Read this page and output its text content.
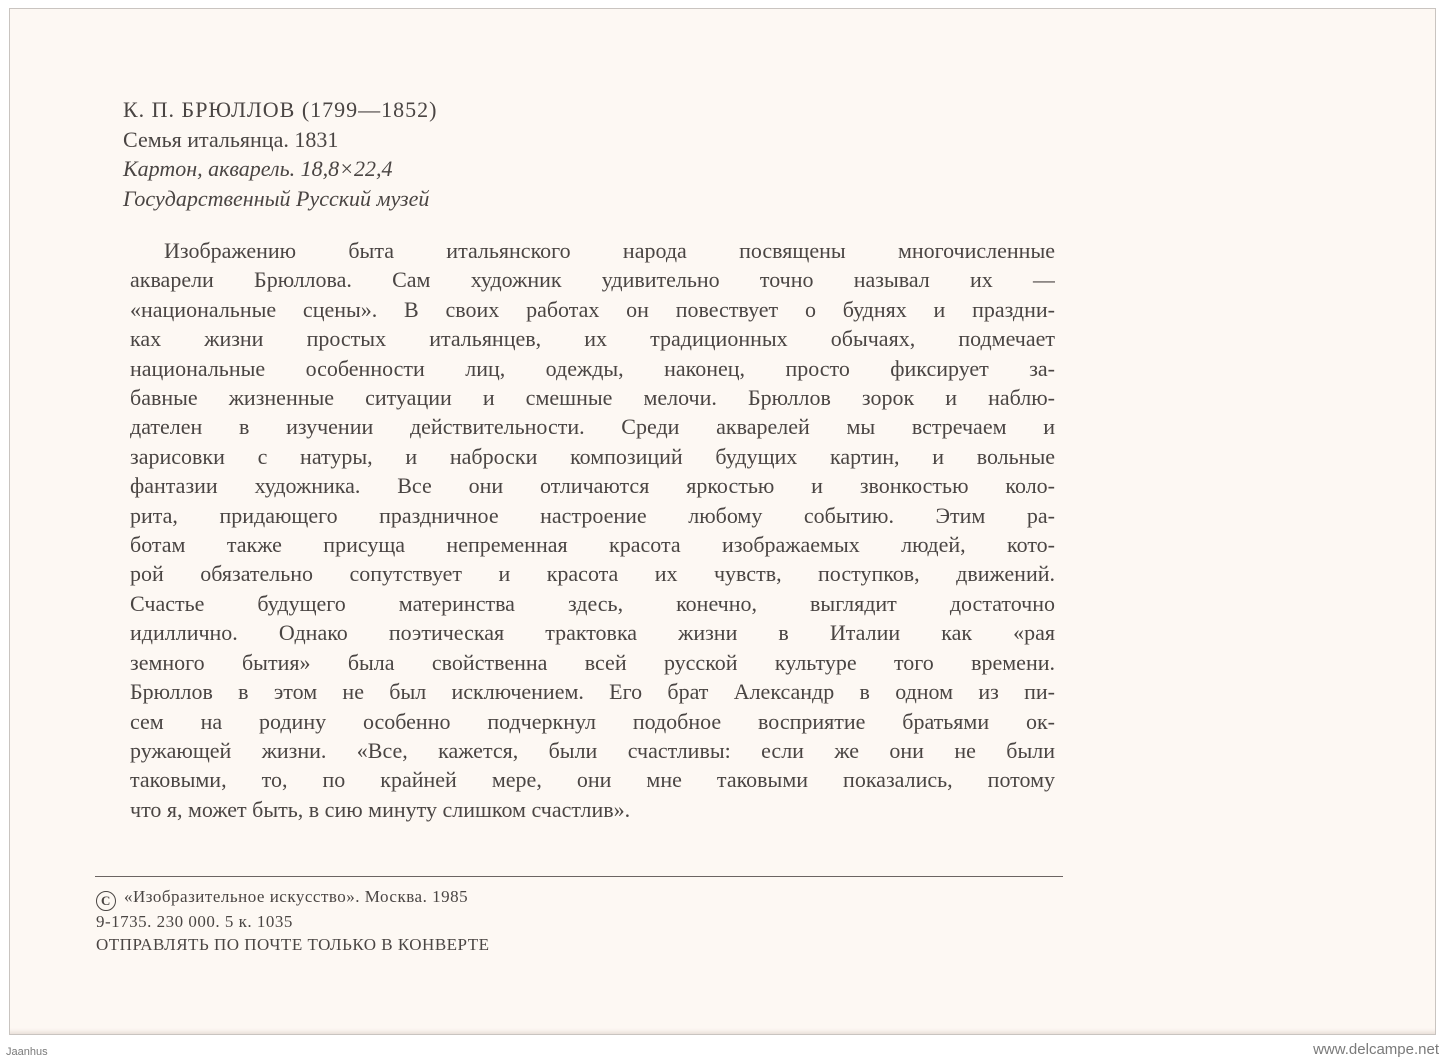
К. П. БРЮЛЛОВ (1799—1852)
Семья итальянца. 1831
Картон, акварель. 18,8×22,4
Государственный Русский музей
Изображению быта итальянского народа посвящены многочисленные
акварели Брюллова. Сам художник удивительно точно называл их —
«национальные сцены». В своих работах он повествует о буднях и праздни-
ках жизни простых итальянцев, их традиционных обычаях, подмечает
национальные особенности лиц, одежды, наконец, просто фиксирует за-
бавные жизненные ситуации и смешные мелочи. Брюллов зорок и наблю-
дателен в изучении действительности. Среди акварелей мы встречаем и
зарисовки с натуры, и наброски композиций будущих картин, и вольные
фантазии художника. Все они отличаются яркостью и звонкостью коло-
рита, придающего праздничное настроение любому событию. Этим ра-
ботам также присуща непременная красота изображаемых людей, кото-
рой обязательно сопутствует и красота их чувств, поступков, движений.
Счастье будущего материнства здесь, конечно, выглядит достаточно
идиллично. Однако поэтическая трактовка жизни в Италии как «рая
земного бытия» была свойственна всей русской культуре того времени.
Брюллов в этом не был исключением. Его брат Александр в одном из пи-
сем на родину особенно подчеркнул подобное восприятие братьями ок-
ружающей жизни. «Все, кажется, были счастливы: если же они не были
таковыми, то, по крайней мере, они мне таковыми показались, потому
что я, может быть, в сию минуту слишком счастлив».
C «Изобразительное искусство». Москва. 1985
9-1735. 230 000. 5 к. 1035
ОТПРАВЛЯТЬ ПО ПОЧТЕ ТОЛЬКО В КОНВЕРТЕ
Jaanhus	www.delcampe.net
